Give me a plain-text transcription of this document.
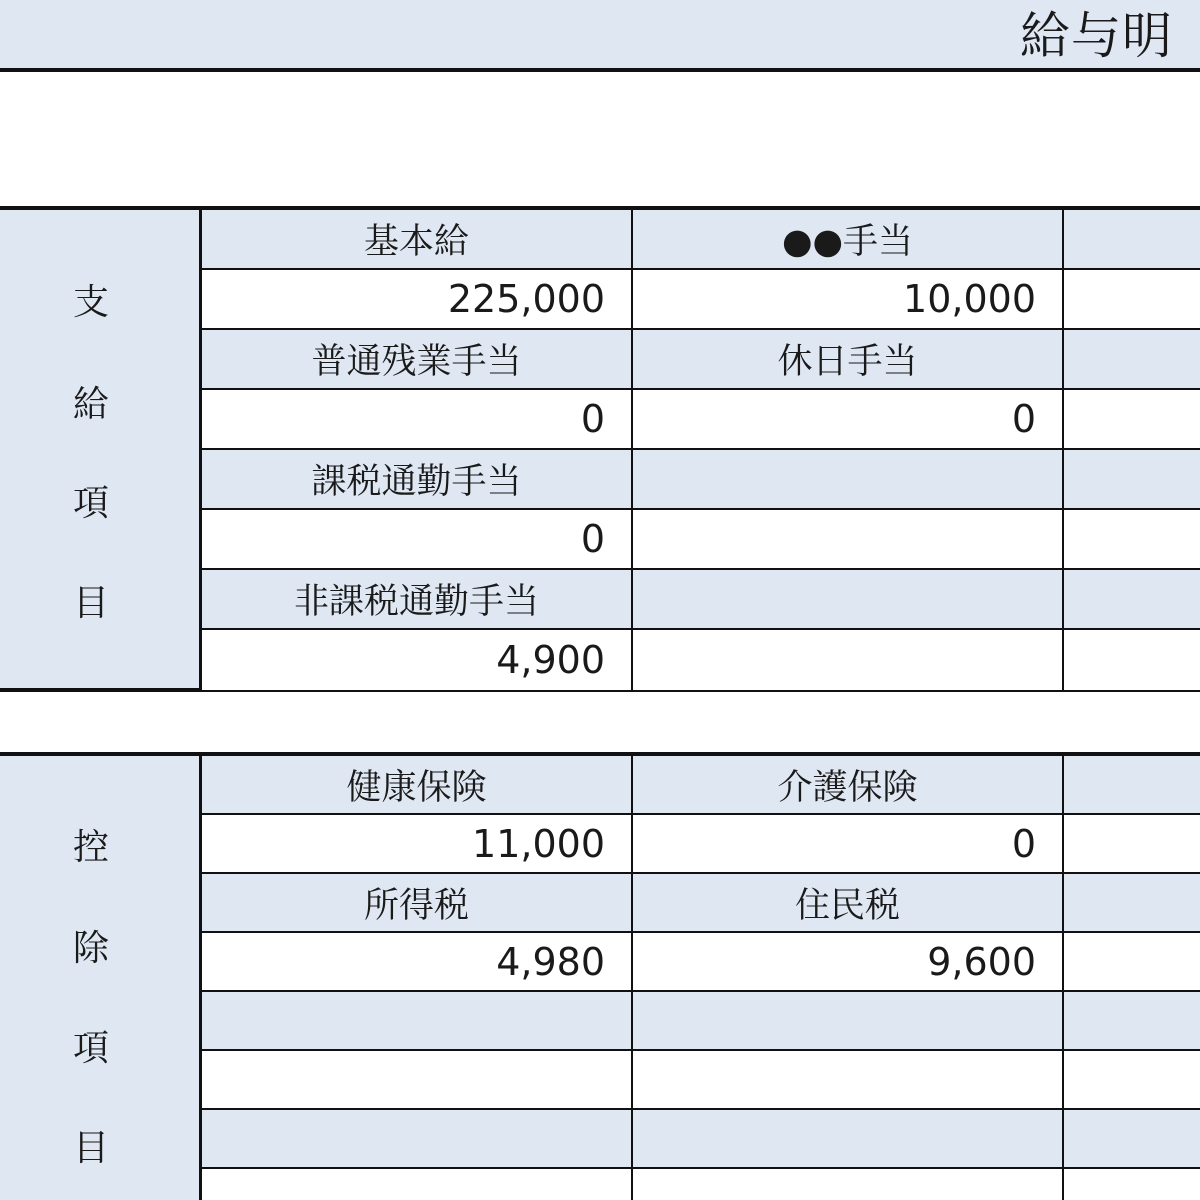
給与明
支
給
項
目
基本給	●●手当
225,000	10,000
普通残業手当	休日手当
0	0
課税通勤手当
0
非課税通勤手当
4,900
控
除
項
目
健康保険	介護保険
11,000	0
所得税	住民税
4,980	9,600
